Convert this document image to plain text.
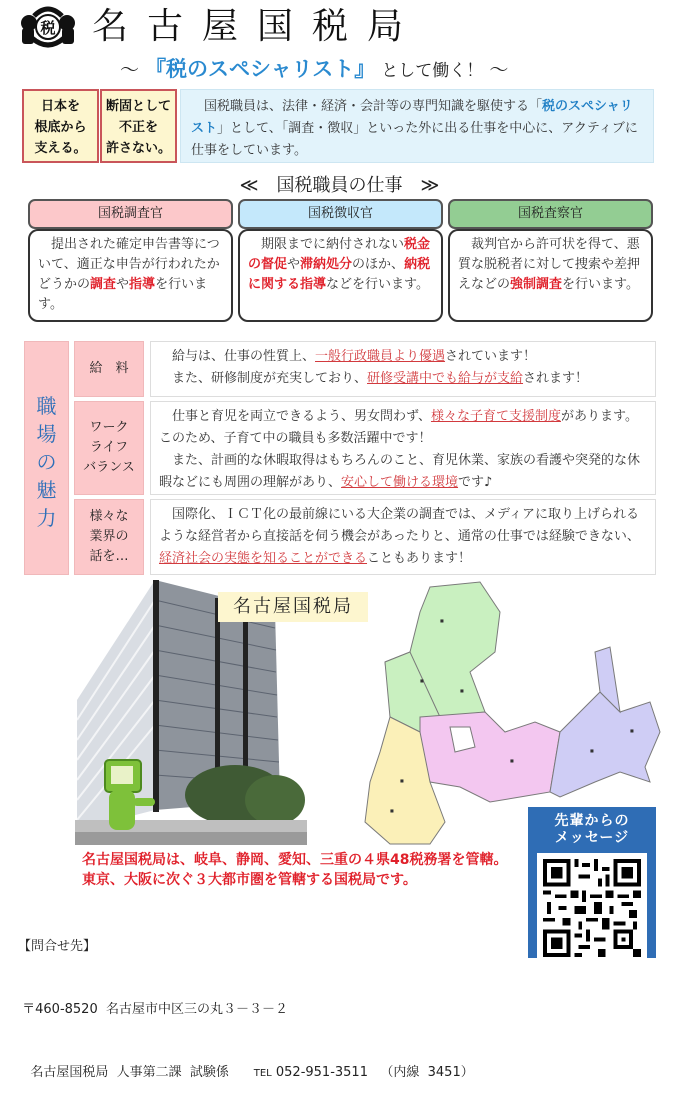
税 名古屋国税局
～ 『税のスペシャリスト』 として働く！ ～
日本を
根底から
支える。
断固として
不正を
許さない。
　国税職員は、法律・経済・会計等の専門知識を駆使する「税のスペシャリスト」として、「調査・徴収」といった外に出る仕事を中心に、アクティブに仕事をしています。
≪　国税職員の仕事　≫
国税調査官	国税徴収官	国税査察官
　提出された確定申告書等について、適正な申告が行われたかどうかの調査や指導を行います。
　期限までに納付されない税金の督促や滞納処分のほか、納税に関する指導などを行います。
　裁判官から許可状を得て、悪質な脱税者に対して捜索や差押えなどの強制調査を行います。
職
場
の
魅
力
給　料
　給与は、仕事の性質上、一般行政職員より優遇されています！
　また、研修制度が充実しており、研修受講中でも給与が支給されます！
ワーク
ライフ
バランス
　仕事と育児を両立できるよう、男女問わず、様々な子育て支援制度があります。このため、子育て中の職員も多数活躍中です！
　また、計画的な休暇取得はもちろんのこと、育児休業、家族の看護や突発的な休暇などにも周囲の理解があり、安心して働ける環境です♪
様々な
業界の
話を…
　国際化、ＩＣＴ化の最前線にいる大企業の調査では、メディアに取り上げられるような経営者から直接話を伺う機会があったりと、通常の仕事では経験できない、経済社会の実態を知ることができることもあります！
名古屋国税局
■
■
■
■
■
■
■
■
先輩からの
メッセージ
名古屋国税局は、岐阜、静岡、愛知、三重の４県48税務署を管轄。
東京、大阪に次ぐ３大都市圏を管轄する国税局です。

【問合せ先】

〒460-8520  名古屋市中区三の丸３－３－２

名古屋国税局  人事第二課  試験係 TEL 052-951-3511 （内線  3451）
